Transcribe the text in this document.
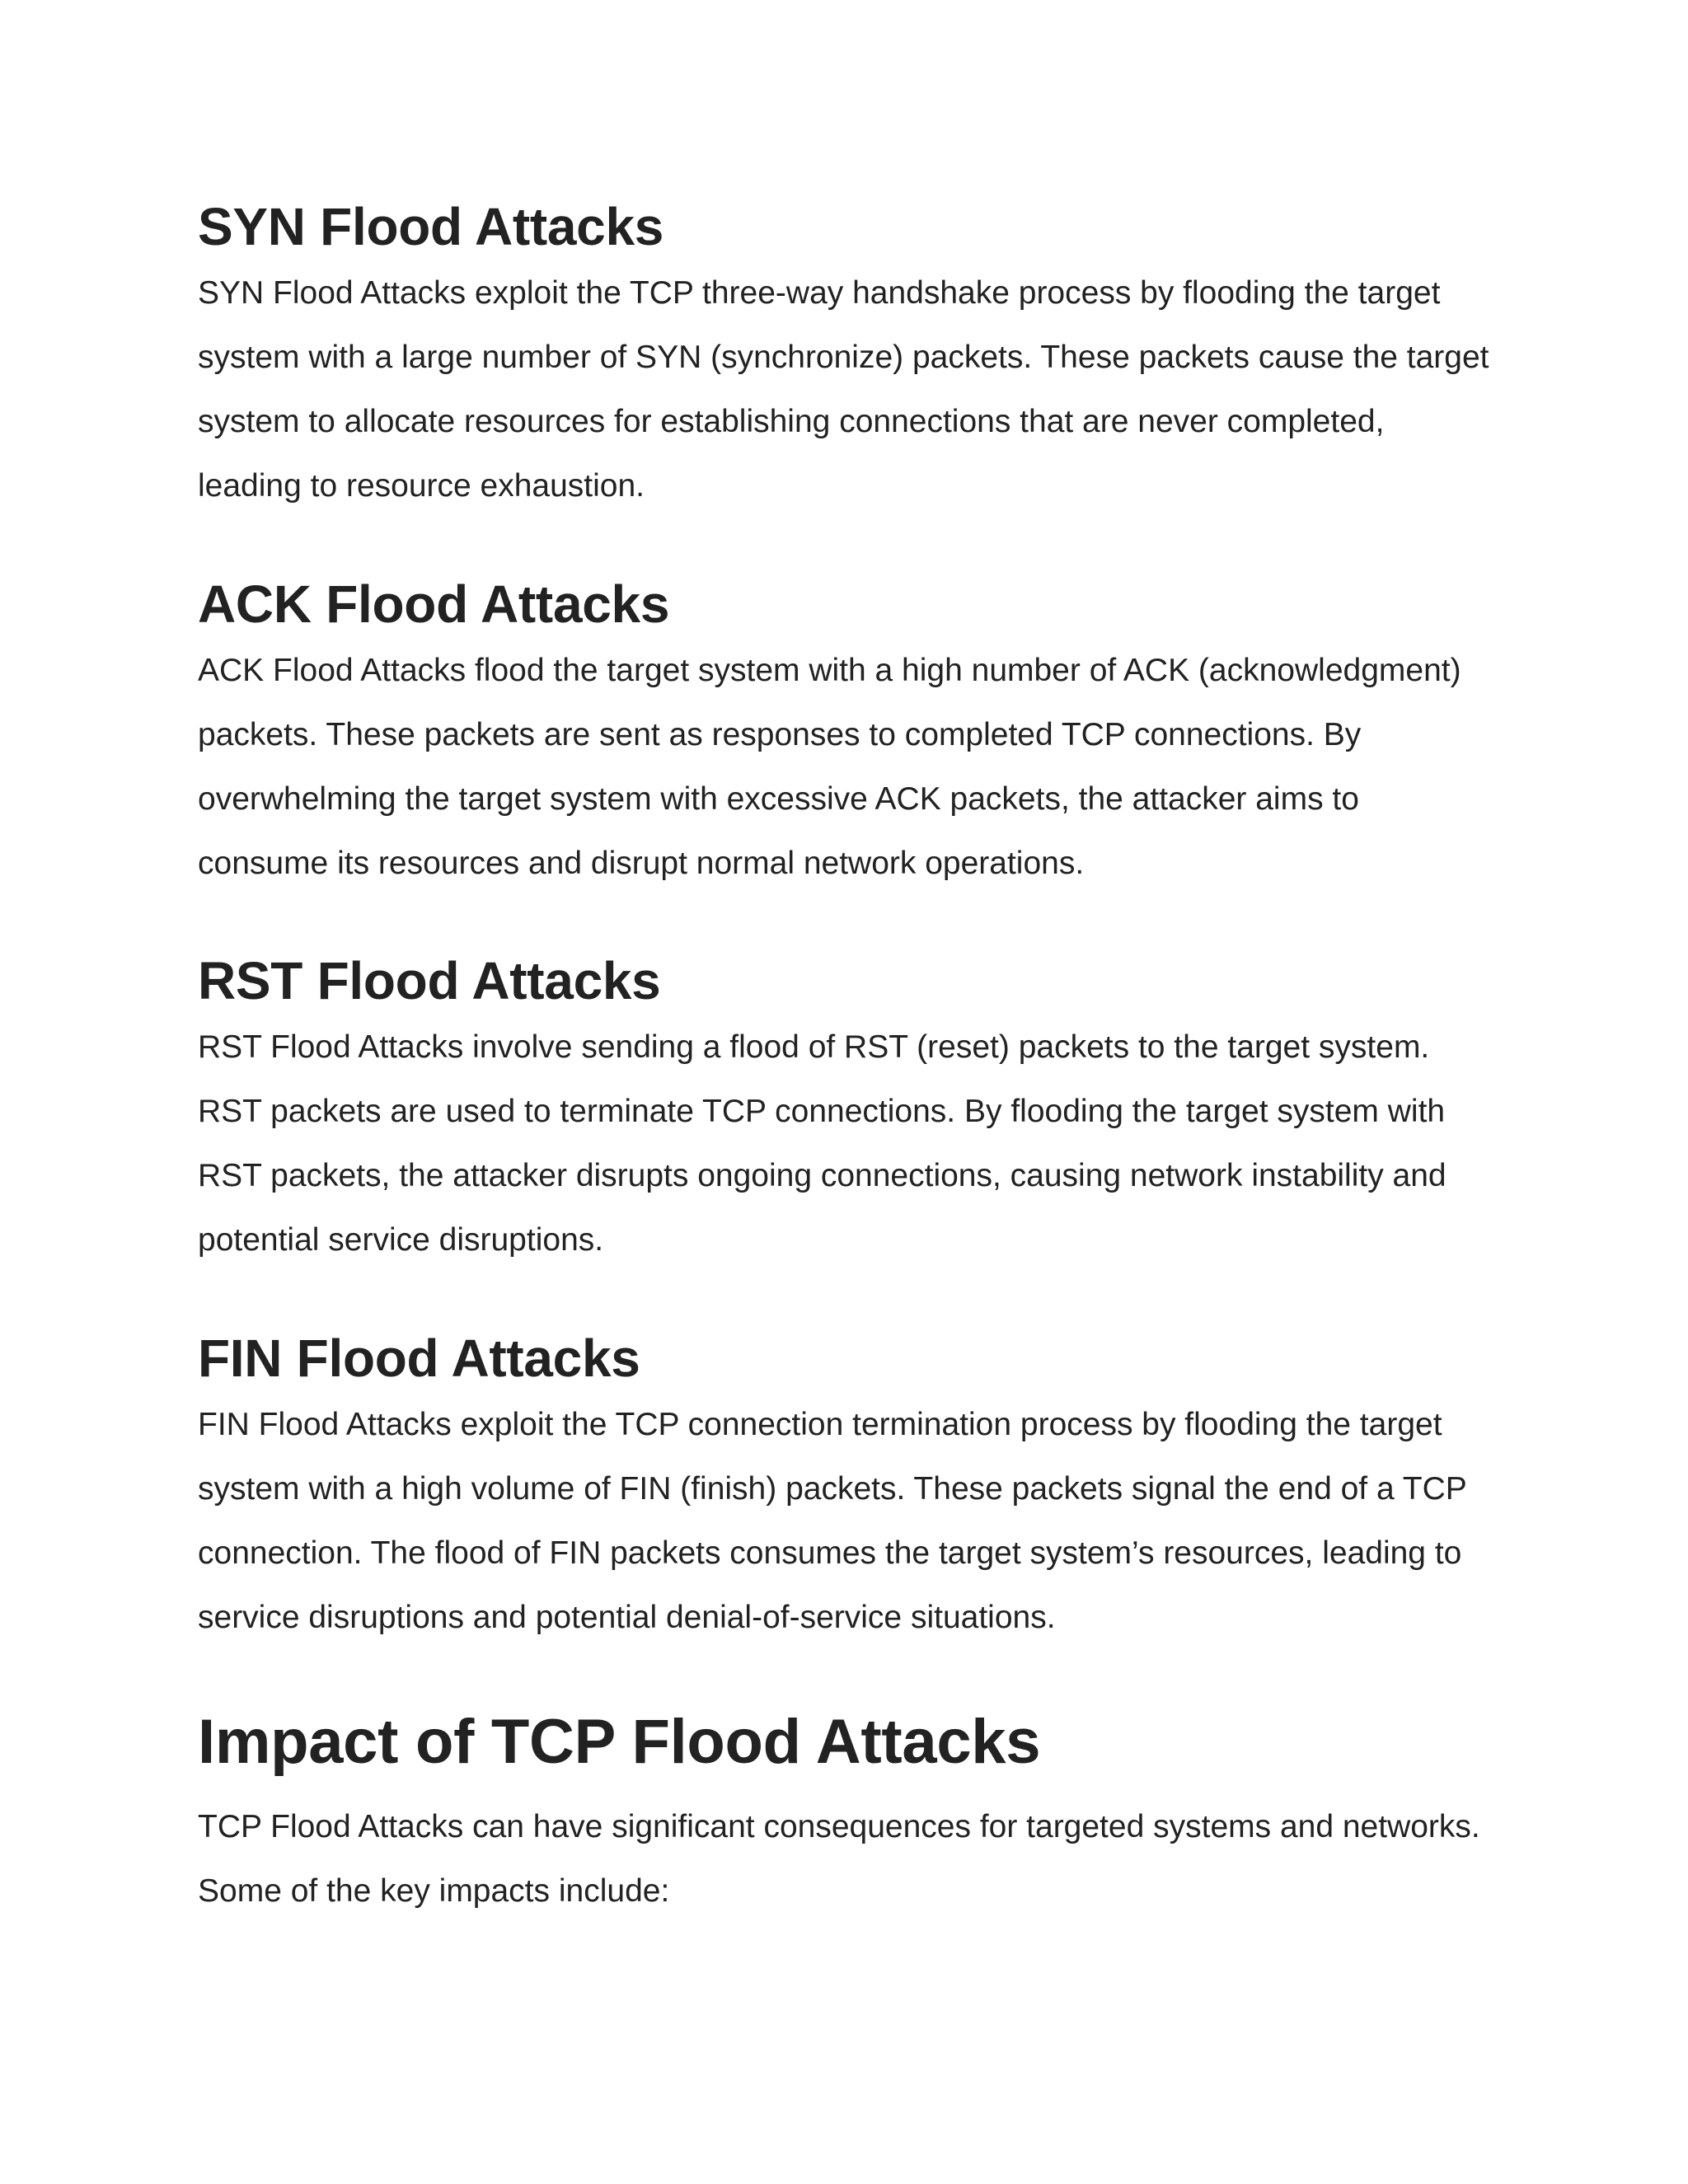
SYN Flood Attacks

SYN Flood Attacks exploit the TCP three-way handshake process by flooding the target system with a large number of SYN (synchronize) packets. These packets cause the target system to allocate resources for establishing connections that are never completed, leading to resource exhaustion.

ACK Flood Attacks

ACK Flood Attacks flood the target system with a high number of ACK (acknowledgment) packets. These packets are sent as responses to completed TCP connections. By overwhelming the target system with excessive ACK packets, the attacker aims to consume its resources and disrupt normal network operations.

RST Flood Attacks

RST Flood Attacks involve sending a flood of RST (reset) packets to the target system. RST packets are used to terminate TCP connections. By flooding the target system with RST packets, the attacker disrupts ongoing connections, causing network instability and potential service disruptions.

FIN Flood Attacks

FIN Flood Attacks exploit the TCP connection termination process by flooding the target system with a high volume of FIN (finish) packets. These packets signal the end of a TCP connection. The flood of FIN packets consumes the target system’s resources, leading to service disruptions and potential denial-of-service situations.

Impact of TCP Flood Attacks

TCP Flood Attacks can have significant consequences for targeted systems and networks. Some of the key impacts include:
